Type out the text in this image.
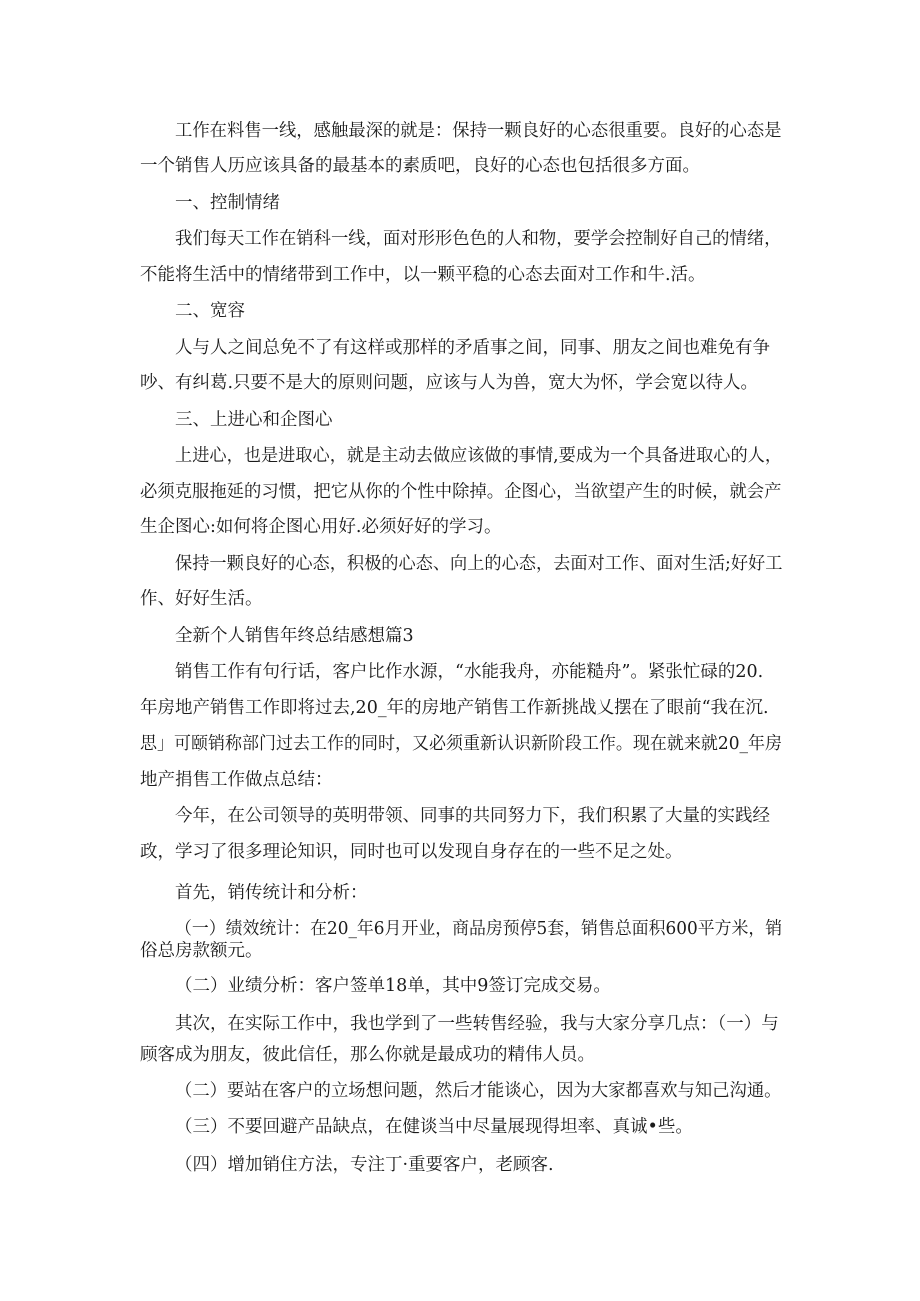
工作在料售一线，感触最深的就是：保持一颗良好的心态很重要。良好的心态是
一个销售人历应该具备的最基本的素质吧，良好的心态也包括很多方面。
一、控制情绪
我们每天工作在销科一线，面对形形色色的人和物，要学会控制好自己的情绪，
不能将生活中的情绪带到工作中，以一颗平稳的心态去面对工作和牛.活。
二、宽容
人与人之间总免不了有这样或那样的矛盾事之间，同事、朋友之间也难免有争
吵、有纠葛.只要不是大的原则问题，应该与人为兽，宽大为怀，学会宽以待人。
三、上进心和企图心
上进心，也是进取心，就是主动去做应该做的事情,要成为一个具备进取心的人，
必须克服拖延的习惯，把它从你的个性中除掉。企图心，当欲望产生的时候，就会产
生企图心:如何将企图心用好.必须好好的学习。
保持一颗良好的心态，积极的心态、向上的心态，去面对工作、面对生活;好好工
作、好好生活。
全新个人销售年终总结感想篇3
销售工作有句行话，客户比作水源，“水能我舟，亦能糙舟”。紧张忙碌的20.
年房地产销售工作即将过去,20_年的房地产销售工作新挑战乂摆在了眼前“我在沉.
思」可颐销称部门过去工作的同时，又必须重新认识新阶段工作。现在就来就20_年房
地产捐售工作做点总结：
今年，在公司领导的英明带领、同事的共同努力下，我们积累了大量的实践经
政，学习了很多理论知识，同时也可以发现自身存在的一些不足之处。
首先，销传统计和分析：
（一）绩效统计：在20_年6月开业，商品房预停5套，销售总面积600平方米，销
俗总房款额元。
（二）业绩分析：客户签单18单，其中9签订完成交易。
其次，在实际工作中，我也学到了一些转售经验，我与大家分享几点：（一）与
顾客成为朋友，彼此信任，那么你就是最成功的精伟人员。
（二）要站在客户的立场想问题，然后才能谈心，因为大家都喜欢与知己沟通。
（三）不要回避产品缺点，在健谈当中尽量展现得坦率、真诚•些。
（四）增加销住方法，专注丁·重要客户，老顾客.
